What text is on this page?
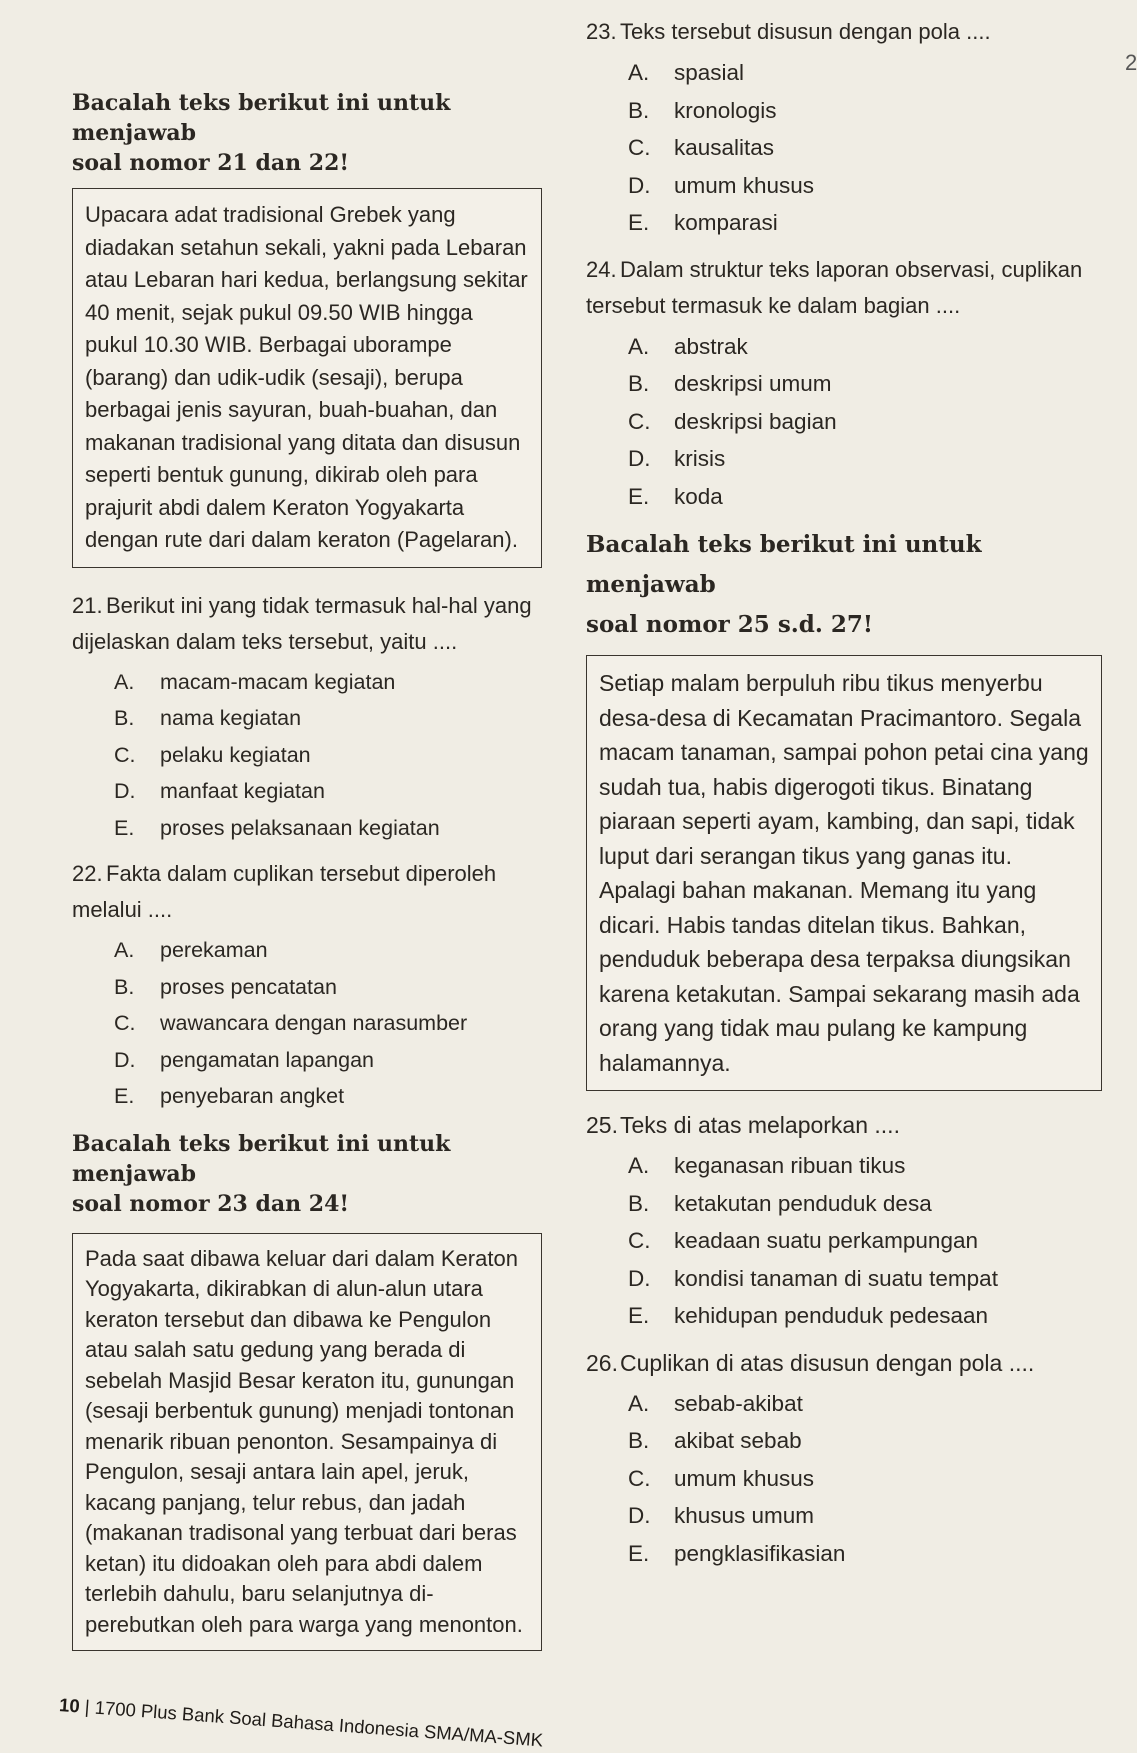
2
Bacalah teks berikut ini untuk menjawab
soal nomor 21 dan 22!
Upacara adat tradisional Grebek yang diadakan setahun sekali, yakni pada Lebaran atau Lebaran hari kedua, berlangsung sekitar 40 menit, sejak pukul 09.50 WIB hingga pukul 10.30 WIB. Berbagai uborampe (barang) dan udik-udik (sesaji), berupa berbagai jenis sayuran, buah-buahan, dan makanan tradisional yang ditata dan disusun seperti bentuk gunung, dikirab oleh para prajurit abdi dalem Keraton Yogyakarta dengan rute dari dalam keraton (Pagelaran).

21. Berikut ini yang tidak termasuk hal-hal yang dijelaskan dalam teks tersebut, yaitu ....

A. macam-macam kegiatan
B. nama kegiatan
C. pelaku kegiatan
D. manfaat kegiatan
E. proses pelaksanaan kegiatan

22. Fakta dalam cuplikan tersebut diperoleh melalui ....

A. perekaman
B. proses pencatatan
C. wawancara dengan narasumber
D. pengamatan lapangan
E. penyebaran angket
Bacalah teks berikut ini untuk menjawab
soal nomor 23 dan 24!
Pada saat dibawa keluar dari dalam Keraton Yogyakarta, dikirabkan di alun-alun utara keraton tersebut dan dibawa ke Pengulon atau salah satu gedung yang berada di sebelah Masjid Besar keraton itu, gunungan (sesaji berbentuk gunung) menjadi tontonan menarik ribuan penonton. Sesampainya di Pengulon, sesaji antara lain apel, jeruk, kacang panjang, telur rebus, dan jadah (makanan tradisonal yang terbuat dari beras ketan) itu didoakan oleh para abdi dalem terlebih dahulu, baru selanjutnya di- perebutkan oleh para warga yang menonton.

23. Teks tersebut disusun dengan pola ....

A. spasial
B. kronologis
C. kausalitas
D. umum khusus
E. komparasi

24. Dalam struktur teks laporan observasi, cuplikan tersebut termasuk ke dalam bagian ....

A. abstrak
B. deskripsi umum
C. deskripsi bagian
D. krisis
E. koda
Bacalah teks berikut ini untuk menjawab
soal nomor 25 s.d. 27!
Setiap malam berpuluh ribu tikus menyerbu desa-desa di Kecamatan Pracimantoro. Segala macam tanaman, sampai pohon petai cina yang sudah tua, habis digerogoti tikus. Binatang piaraan seperti ayam, kambing, dan sapi, tidak luput dari serangan tikus yang ganas itu. Apalagi bahan makanan. Memang itu yang dicari. Habis tandas ditelan tikus. Bahkan, penduduk beberapa desa terpaksa diungsikan karena ketakutan. Sampai sekarang masih ada orang yang tidak mau pulang ke kampung halamannya.

25.Teks di atas melaporkan ....

A. keganasan ribuan tikus
B. ketakutan penduduk desa
C. keadaan suatu perkampungan
D. kondisi tanaman di suatu tempat
E. kehidupan penduduk pedesaan

26.Cuplikan di atas disusun dengan pola ....

A. sebab-akibat
B. akibat sebab
C. umum khusus
D. khusus umum
E. pengklasifikasian
10 | 1700 Plus Bank Soal Bahasa Indonesia SMA/MA-SMK
